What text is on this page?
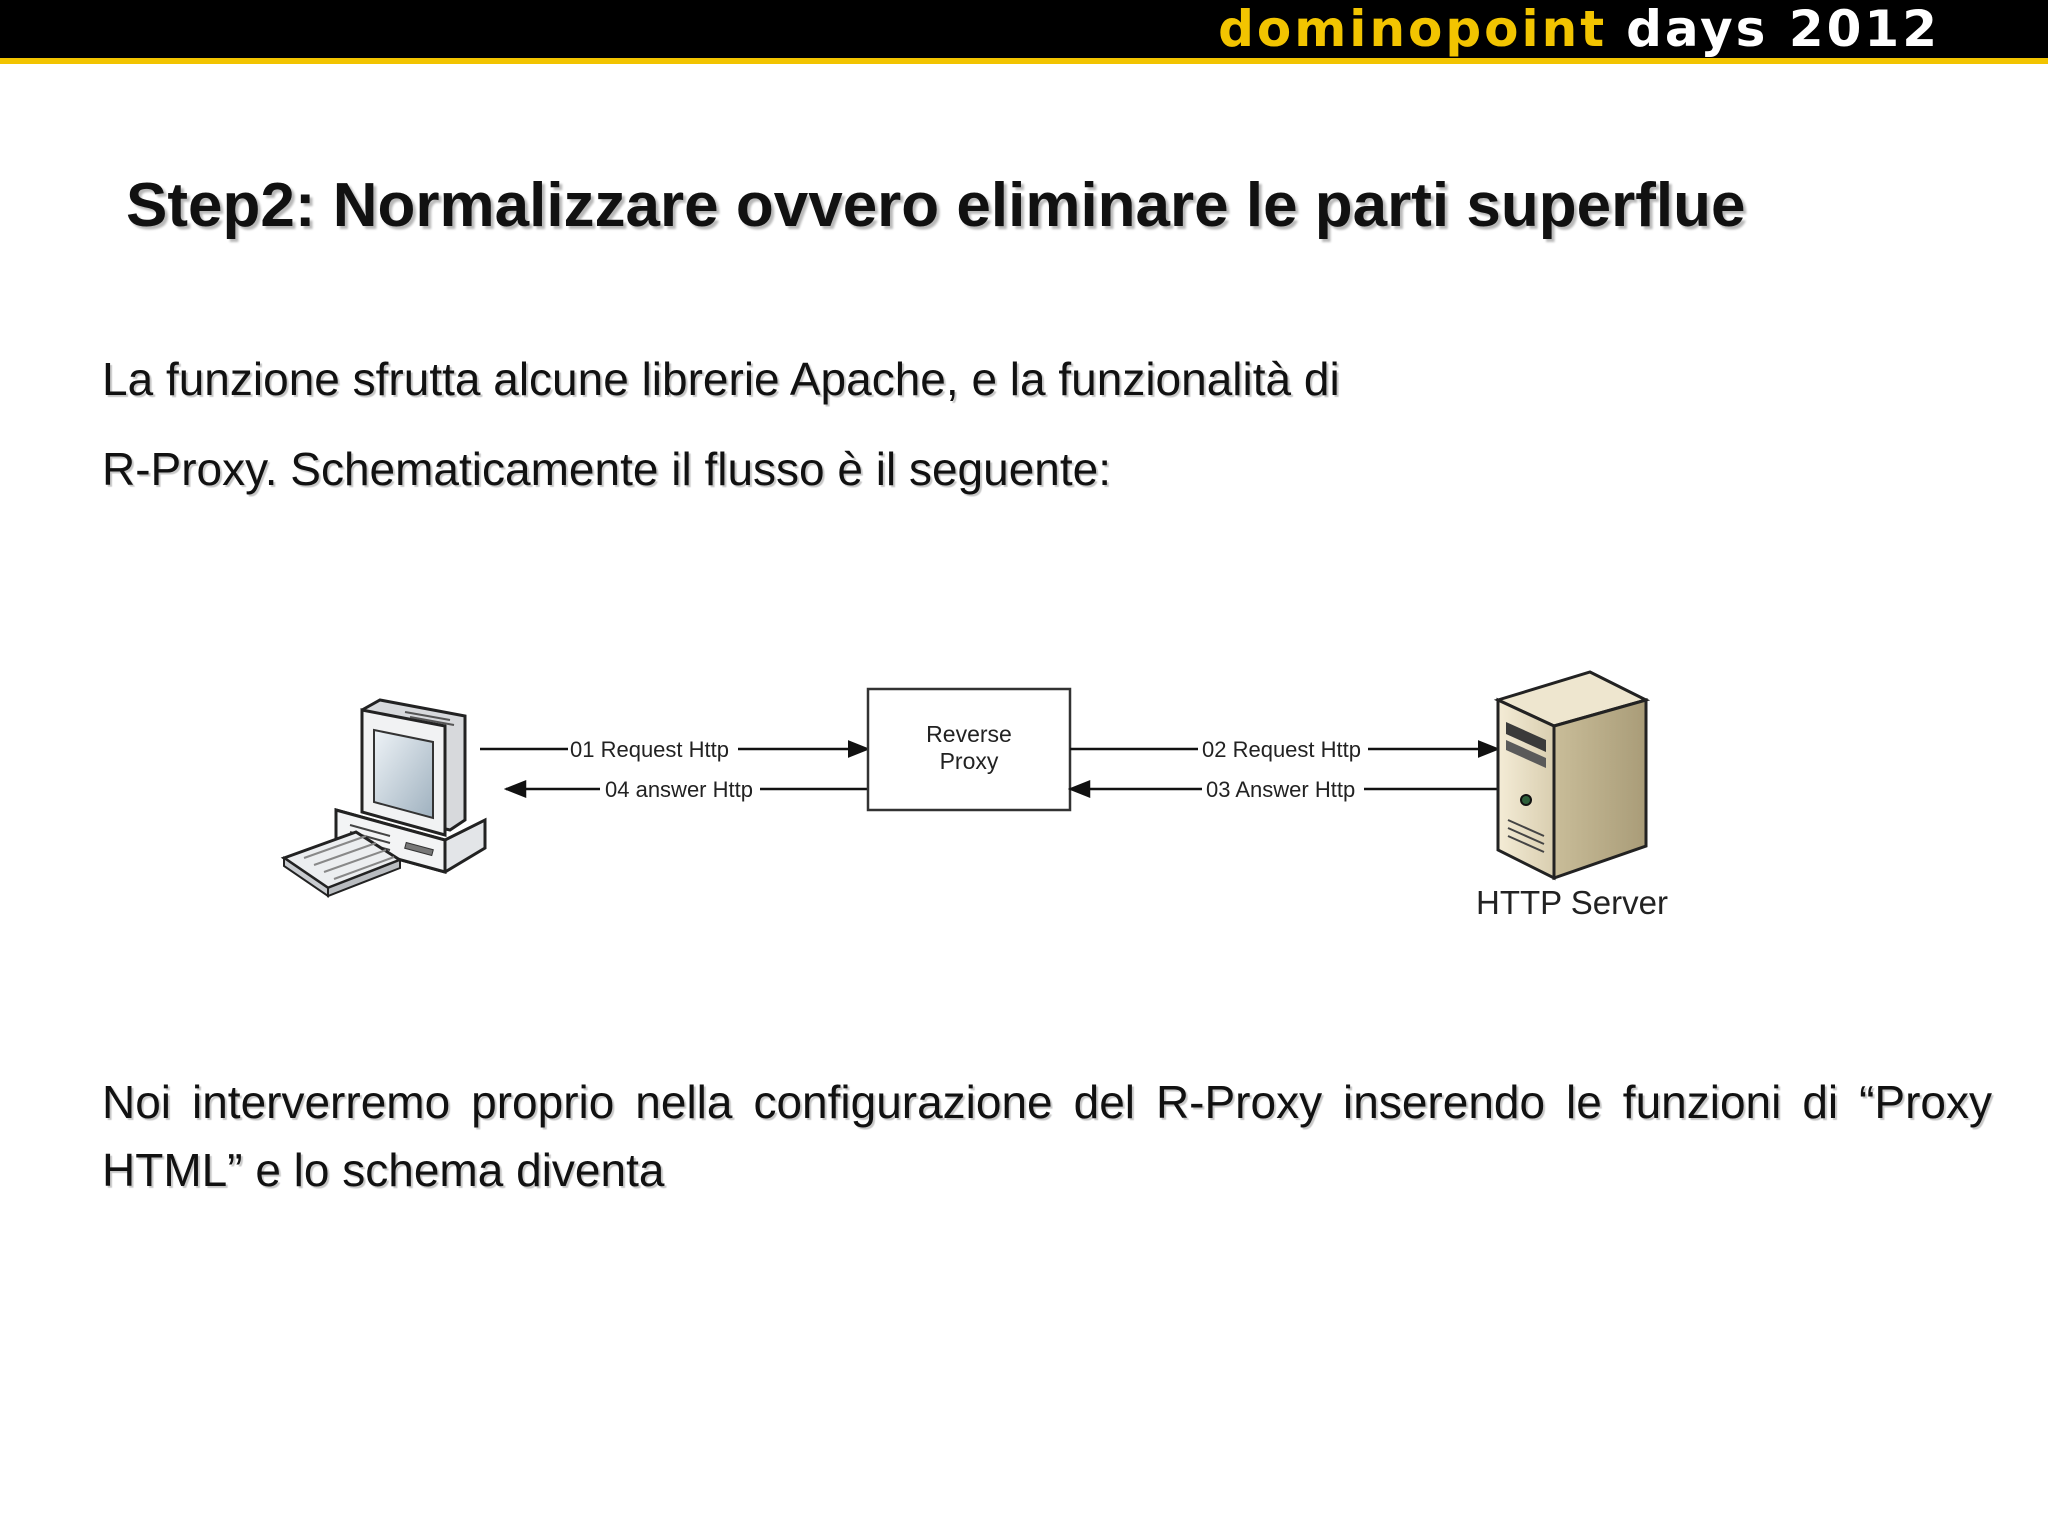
dominopoint days 2012
Step2: Normalizzare ovvero eliminare le parti superflue

La funzione sfrutta alcune librerie Apache, e la funzionalità di

R-Proxy. Schematicamente il flusso è il seguente:

01 Request Http
04 answer Http
Reverse
Proxy	02 Request Http
03 Answer Http
HTTP Server

Noi interverremo proprio nella configurazione del R-Proxy inserendo le funzioni di “Proxy HTML” e lo schema diventa
